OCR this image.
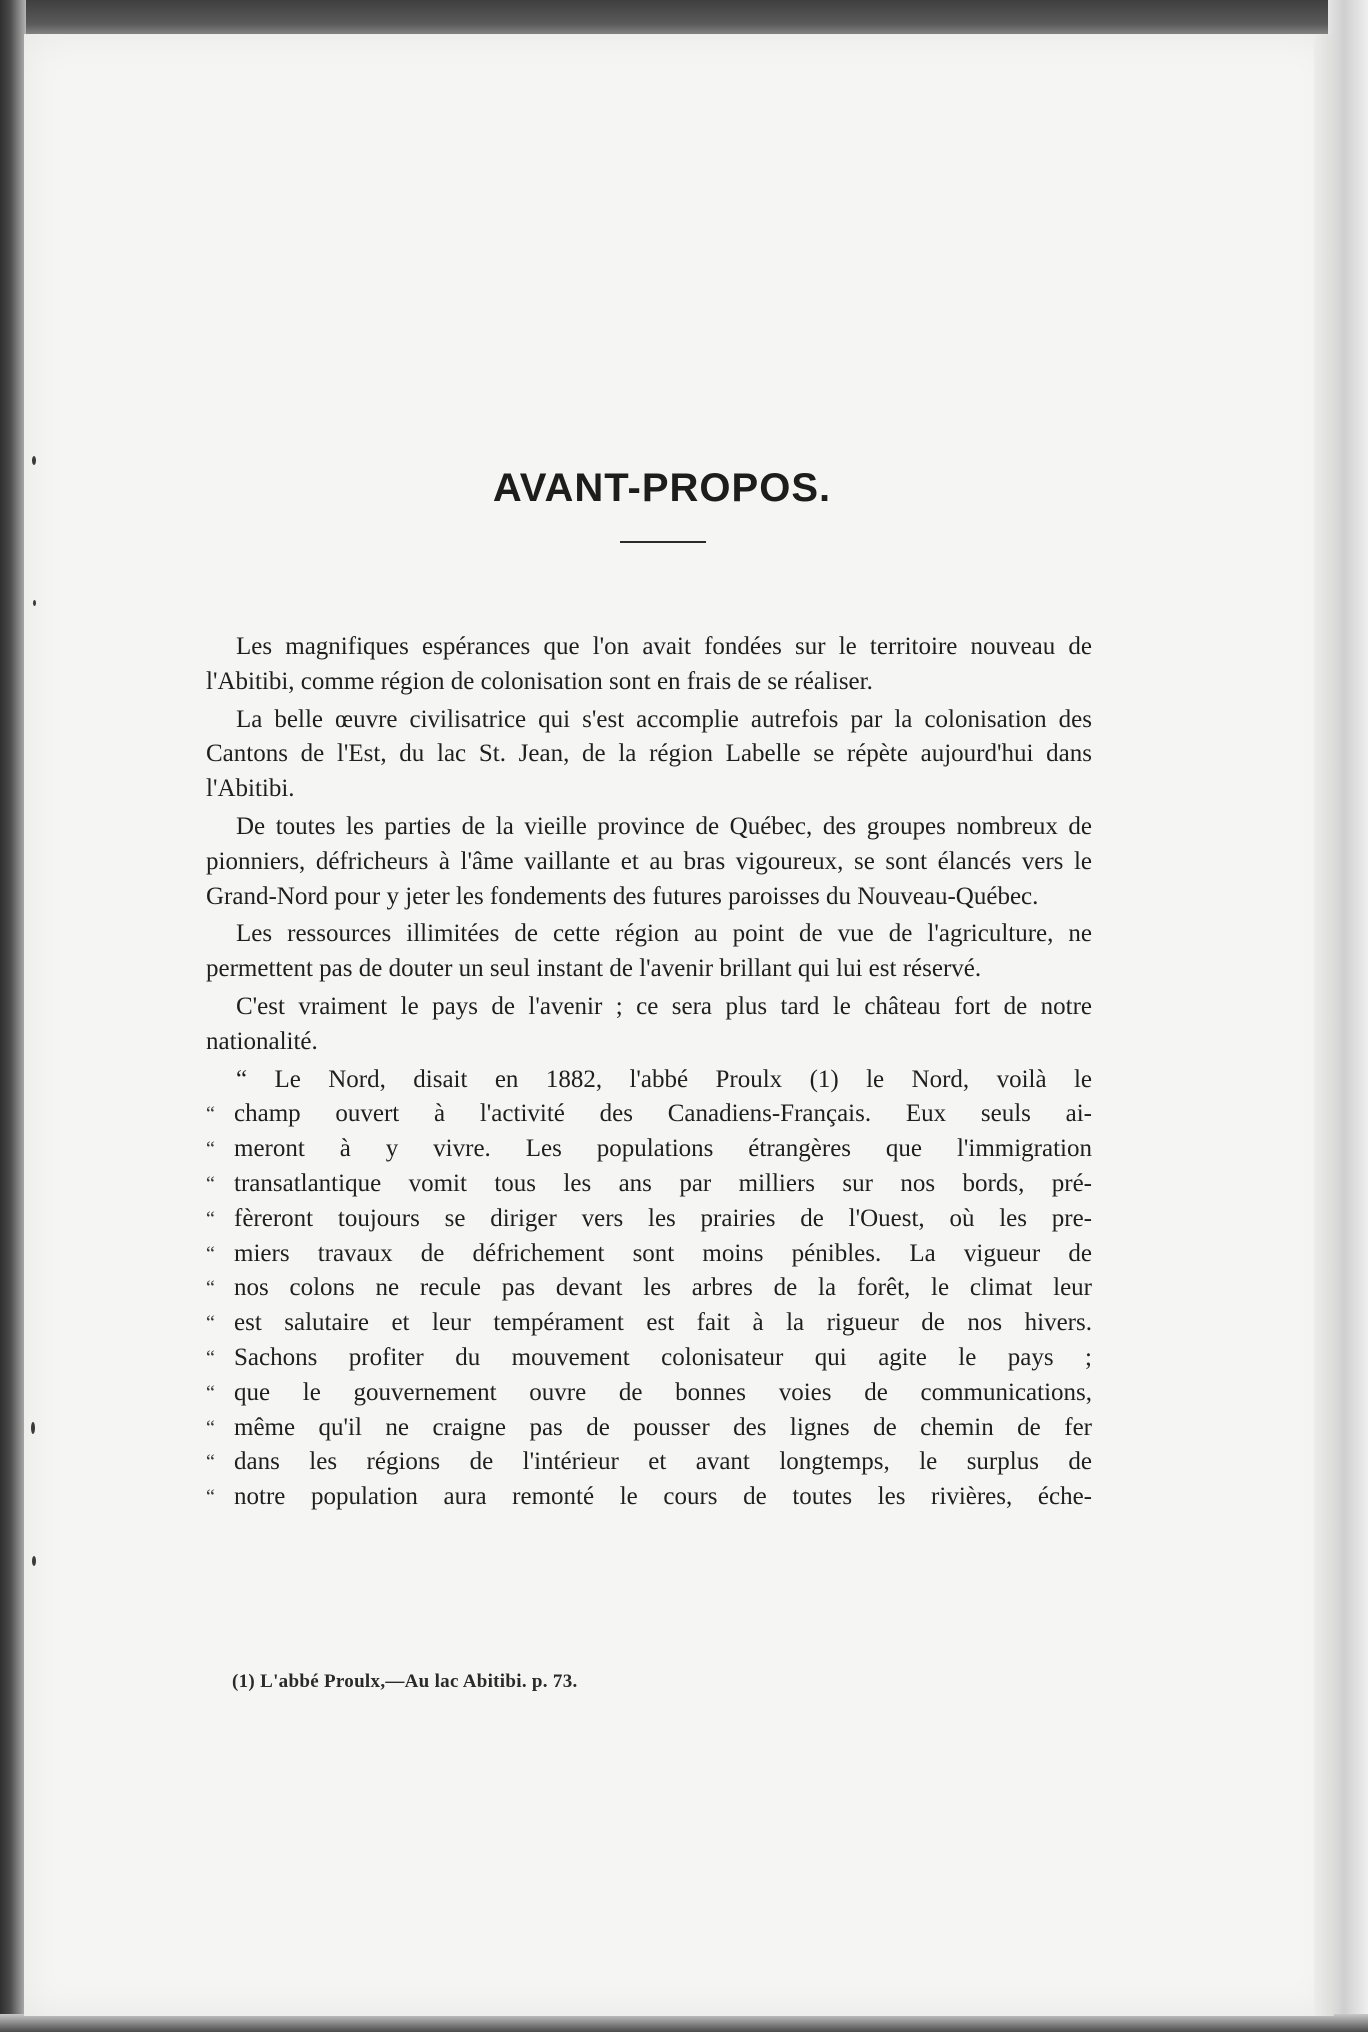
AVANT-PROPOS.

Les magnifiques espérances que l'on avait fondées sur le territoire nouveau de l'Abitibi, comme région de colonisation sont en frais de se réaliser.

La belle œuvre civilisatrice qui s'est accomplie autrefois par la colonisation des Cantons de l'Est, du lac St. Jean, de la région Labelle se répète aujourd'hui dans l'Abitibi.

De toutes les parties de la vieille province de Québec, des groupes nombreux de pionniers, défricheurs à l'âme vaillante et au bras vigoureux, se sont élancés vers le Grand-Nord pour y jeter les fondements des futures paroisses du Nouveau-Québec.

Les ressources illimitées de cette région au point de vue de l'agriculture, ne permettent pas de douter un seul instant de l'avenir brillant qui lui est réservé.

C'est vraiment le pays de l'avenir ; ce sera plus tard le château fort de notre nationalité.

“ Le Nord, disait en 1882, l'abbé Proulx (1) le Nord, voilà le
“ champ ouvert à l'activité des Canadiens-Français. Eux seuls ai-
“ meront à y vivre. Les populations étrangères que l'immigration
“ transatlantique vomit tous les ans par milliers sur nos bords, pré-
“ fèreront toujours se diriger vers les prairies de l'Ouest, où les pre-
“ miers travaux de défrichement sont moins pénibles. La vigueur de
“ nos colons ne recule pas devant les arbres de la forêt, le climat leur
“ est salutaire et leur tempérament est fait à la rigueur de nos hivers.
“ Sachons profiter du mouvement colonisateur qui agite le pays ;
“ que le gouvernement ouvre de bonnes voies de communications,
“ même qu'il ne craigne pas de pousser des lignes de chemin de fer
“ dans les régions de l'intérieur et avant longtemps, le surplus de
“ notre population aura remonté le cours de toutes les rivières, éche-
(1) L'abbé Proulx,—Au lac Abitibi. p. 73.
